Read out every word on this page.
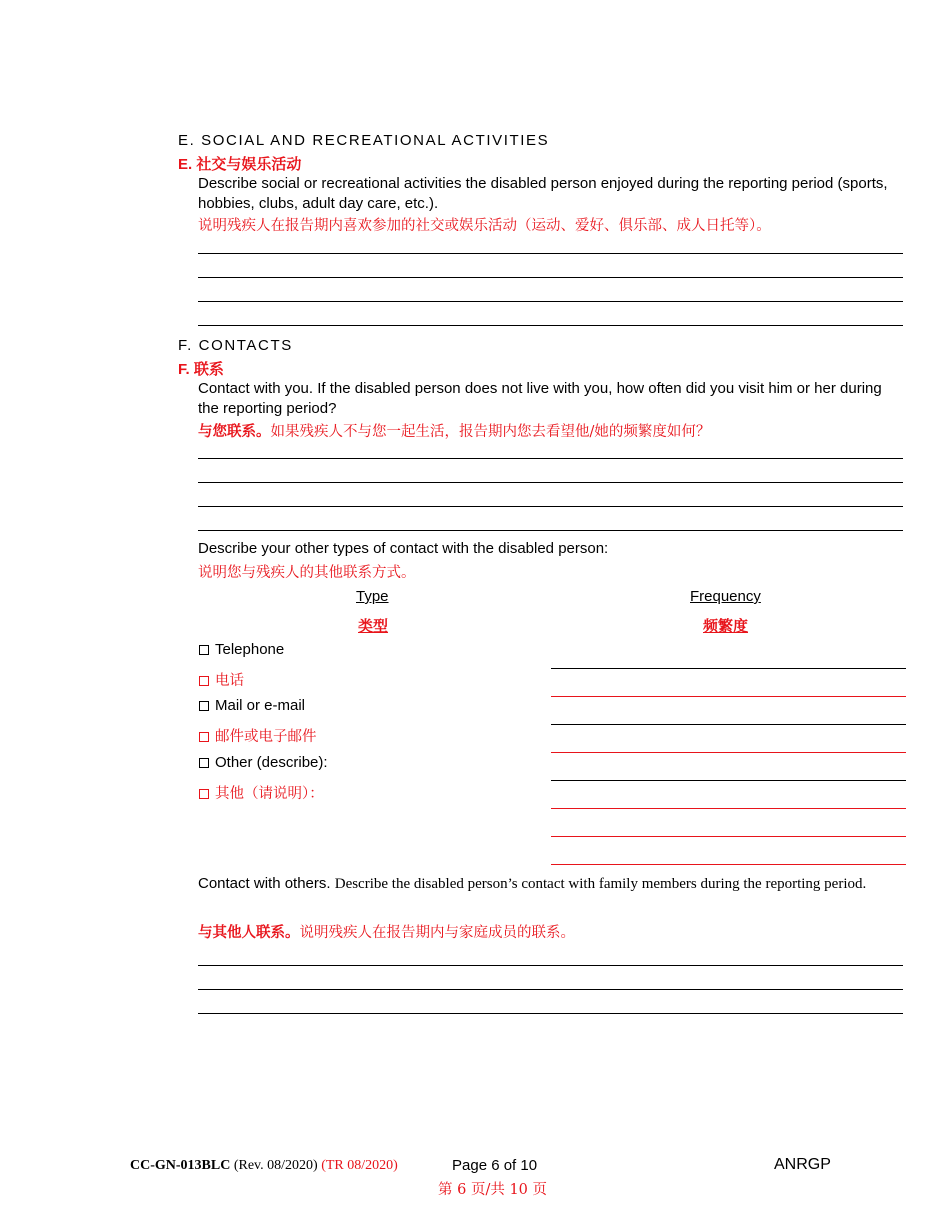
E. SOCIAL AND RECREATIONAL ACTIVITIES
E. 社交与娱乐活动
Describe social or recreational activities the disabled person enjoyed during the reporting period (sports, hobbies, clubs, adult day care, etc.).
说明残疾人在报告期内喜欢参加的社交或娱乐活动（运动、爱好、俱乐部、成人日托等）。
F. CONTACTS
F. 联系
Contact with you. If the disabled person does not live with you, how often did you visit him or her during the reporting period?
与您联系。如果残疾人不与您一起生活，报告期内您去看望他/她的频繁度如何？
Describe your other types of contact with the disabled person:
说明您与残疾人的其他联系方式。
Type
类型
Frequency
频繁度
Telephone
电话
Mail or e-mail
邮件或电子邮件
Other (describe):
其他（请说明）：
Contact with others. Describe the disabled person’s contact with family members during the reporting period.
与其他人联系。说明残疾人在报告期内与家庭成员的联系。
CC-GN-013BLC (Rev. 08/2020) (TR 08/2020)	Page 6 of 10
第 6 页/共 10 页
ANRGP
